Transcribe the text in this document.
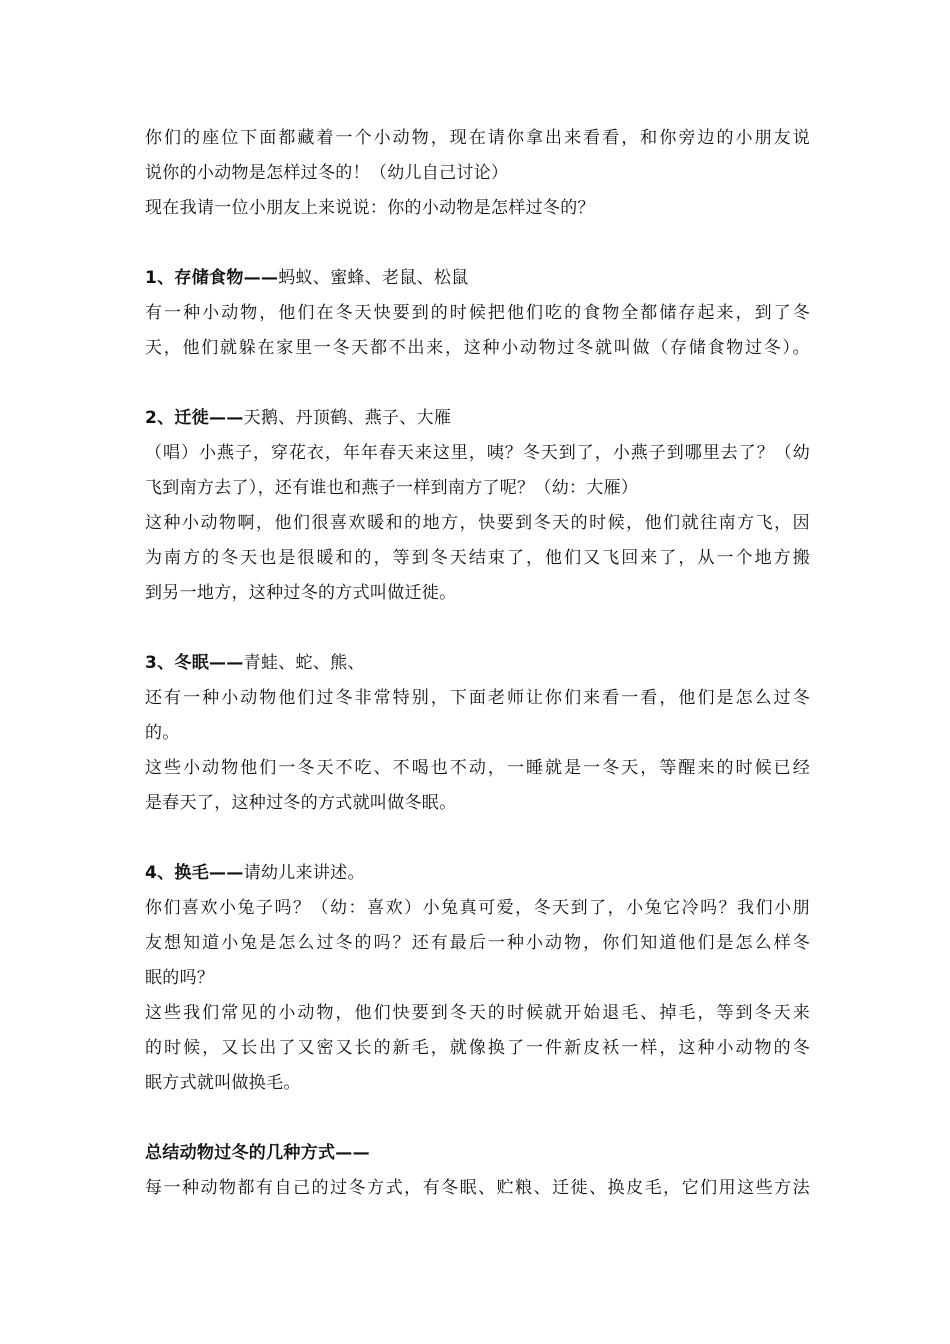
你们的座位下面都藏着一个小动物，现在请你拿出来看看，和你旁边的小朋友说
说你的小动物是怎样过冬的！（幼儿自己讨论）
现在我请一位小朋友上来说说：你的小动物是怎样过冬的？
1、存储食物——蚂蚁、蜜蜂、老鼠、松鼠
有一种小动物，他们在冬天快要到的时候把他们吃的食物全都储存起来，到了冬
天，他们就躲在家里一冬天都不出来，这种小动物过冬就叫做（存储食物过冬）。
2、迁徙——天鹅、丹顶鹤、燕子、大雁
（唱）小燕子，穿花衣，年年春天来这里，咦？冬天到了，小燕子到哪里去了？（幼
飞到南方去了），还有谁也和燕子一样到南方了呢？（幼：大雁）
这种小动物啊，他们很喜欢暖和的地方，快要到冬天的时候，他们就往南方飞，因
为南方的冬天也是很暖和的，等到冬天结束了，他们又飞回来了，从一个地方搬
到另一地方，这种过冬的方式叫做迁徙。
3、冬眠——青蛙、蛇、熊、
还有一种小动物他们过冬非常特别，下面老师让你们来看一看，他们是怎么过冬
的。
这些小动物他们一冬天不吃、不喝也不动，一睡就是一冬天，等醒来的时候已经
是春天了，这种过冬的方式就叫做冬眠。
4、换毛——请幼儿来讲述。
你们喜欢小兔子吗？（幼：喜欢）小兔真可爱，冬天到了，小兔它冷吗？我们小朋
友想知道小兔是怎么过冬的吗？还有最后一种小动物，你们知道他们是怎么样冬
眠的吗？
这些我们常见的小动物，他们快要到冬天的时候就开始退毛、掉毛，等到冬天来
的时候，又长出了又密又长的新毛，就像换了一件新皮袄一样，这种小动物的冬
眠方式就叫做换毛。
总结动物过冬的几种方式——
每一种动物都有自己的过冬方式，有冬眠、贮粮、迁徙、换皮毛，它们用这些方法
